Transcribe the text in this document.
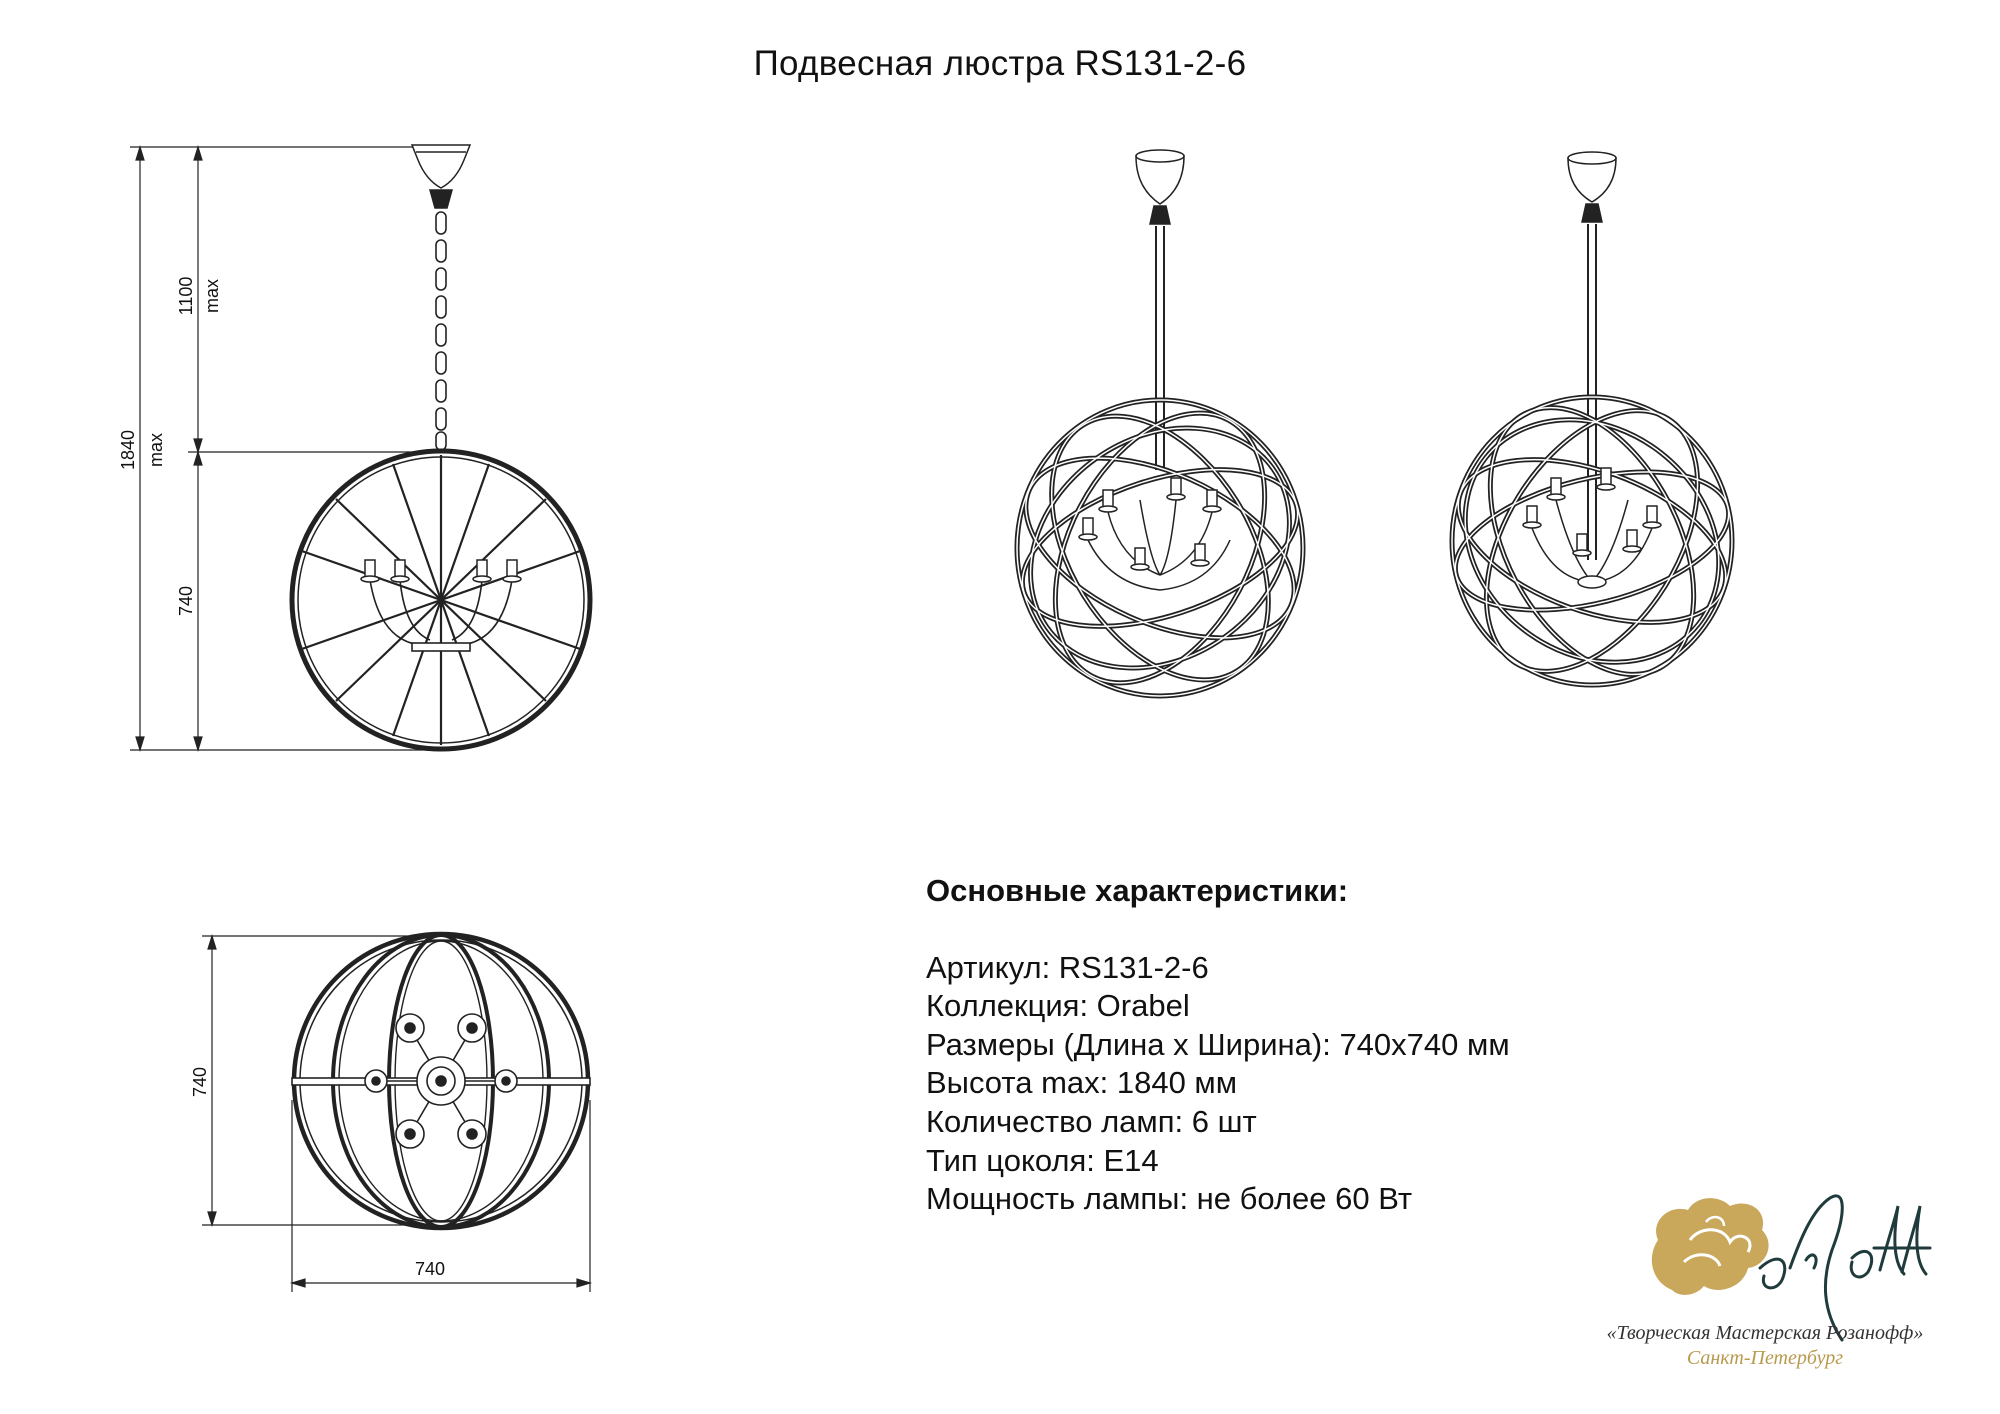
Подвесная люстра RS131-2-6
1840 max
1100 max
740
740
740
Основные характеристики:
Артикул: RS131-2-6
Коллекция: Orabel
Размеры (Длина х Ширина): 740х740 мм
Высота max: 1840 мм
Количество ламп: 6 шт
Тип цоколя: Е14
Мощность лампы: не более 60 Вт
«Творческая Мастерская Розанофф»
Санкт-Петербург
